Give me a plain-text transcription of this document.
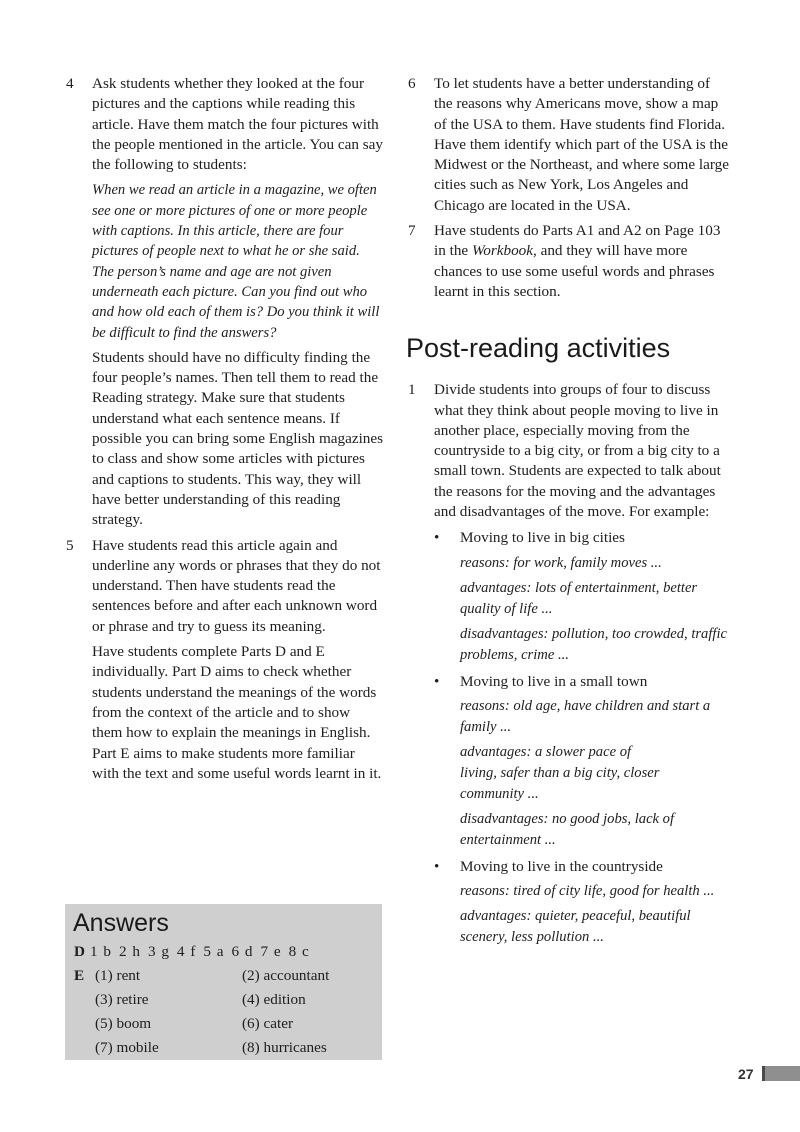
4 Ask students whether they looked at the four pictures and the captions while reading this article. Have them match the four pictures with the people mentioned in the article. You can say the following to students:

When we read an article in a magazine, we often see one or more pictures of one or more people with captions. In this article, there are four pictures of people next to what he or she said. The person’s name and age are not given underneath each picture. Can you find out who and how old each of them is? Do you think it will be difficult to find the answers?

Students should have no difficulty finding the four people’s names. Then tell them to read the Reading strategy. Make sure that students understand what each sentence means. If possible you can bring some English magazines to class and show some articles with pictures and captions to students. This way, they will have better understanding of this reading strategy.

5 Have students read this article again and underline any words or phrases that they do not understand. Then have students read the sentences before and after each unknown word or phrase and try to guess its meaning.

Have students complete Parts D and E individually. Part D aims to check whether students understand the meanings of the words from the context of the article and to show them how to explain the meanings in English. Part E aims to make students more familiar with the text and some useful words learnt in it.

Answers
D 1 b 2 h 3 g 4 f 5 a 6 d 7 e 8 c
E (1) rent	(2) accountant
(3) retire	(4) edition
(5) boom	(6) cater
(7) mobile	(8) hurricanes
6 To let students have a better understanding of the reasons why Americans move, show a map of the USA to them. Have students find Florida. Have them identify which part of the USA is the Midwest or the Northeast, and where some large cities such as New York, Los Angeles and Chicago are located in the USA.

7 Have students do Parts A1 and A2 on Page 103 in the Workbook, and they will have more chances to use some useful words and phrases learnt in this section.

Post-reading activities
1 Divide students into groups of four to discuss what they think about people moving to live in another place, especially moving from the countryside to a big city, or from a big city to a small town. Students are expected to talk about the reasons for the moving and the advantages and disadvantages of the move. For example:

• Moving to live in big cities
reasons: for work, family moves ...
advantages: lots of entertainment, better quality of life ...
disadvantages: pollution, too crowded, traffic problems, crime ...
• Moving to live in a small town
reasons: old age, have children and start a family ...
advantages: a slower pace of living, safer than a big city, closer community ...
disadvantages: no good jobs, lack of entertainment ...
• Moving to live in the countryside
reasons: tired of city life, good for health ...
advantages: quieter, peaceful, beautiful scenery, less pollution ...
27
